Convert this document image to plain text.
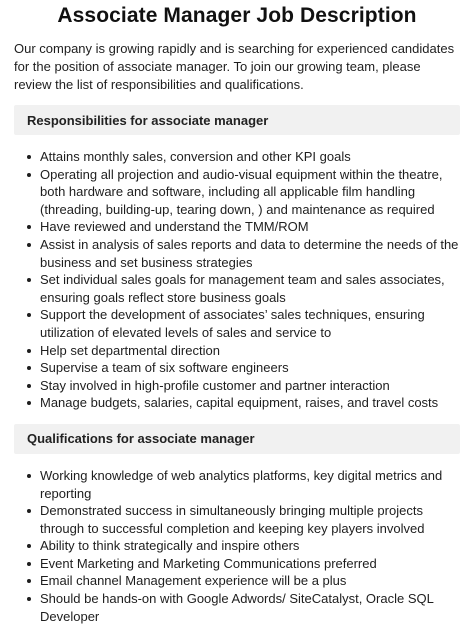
Associate Manager Job Description

Our company is growing rapidly and is searching for experienced candidates for the position of associate manager. To join our growing team, please review the list of responsibilities and qualifications.

Responsibilities for associate manager
Attains monthly sales, conversion and other KPI goals
Operating all projection and audio-visual equipment within the theatre, both hardware and software, including all applicable film handling (threading, building-up, tearing down, ) and maintenance as required
Have reviewed and understand the TMM/ROM
Assist in analysis of sales reports and data to determine the needs of the business and set business strategies
Set individual sales goals for management team and sales associates, ensuring goals reflect store business goals
Support the development of associates’ sales techniques, ensuring utilization of elevated levels of sales and service to
Help set departmental direction
Supervise a team of six software engineers
Stay involved in high-profile customer and partner interaction
Manage budgets, salaries, capital equipment, raises, and travel costs
Qualifications for associate manager
Working knowledge of web analytics platforms, key digital metrics and reporting
Demonstrated success in simultaneously bringing multiple projects through to successful completion and keeping key players involved
Ability to think strategically and inspire others
Event Marketing and Marketing Communications preferred
Email channel Management experience will be a plus
Should be hands-on with Google Adwords/ SiteCatalyst, Oracle SQL Developer
